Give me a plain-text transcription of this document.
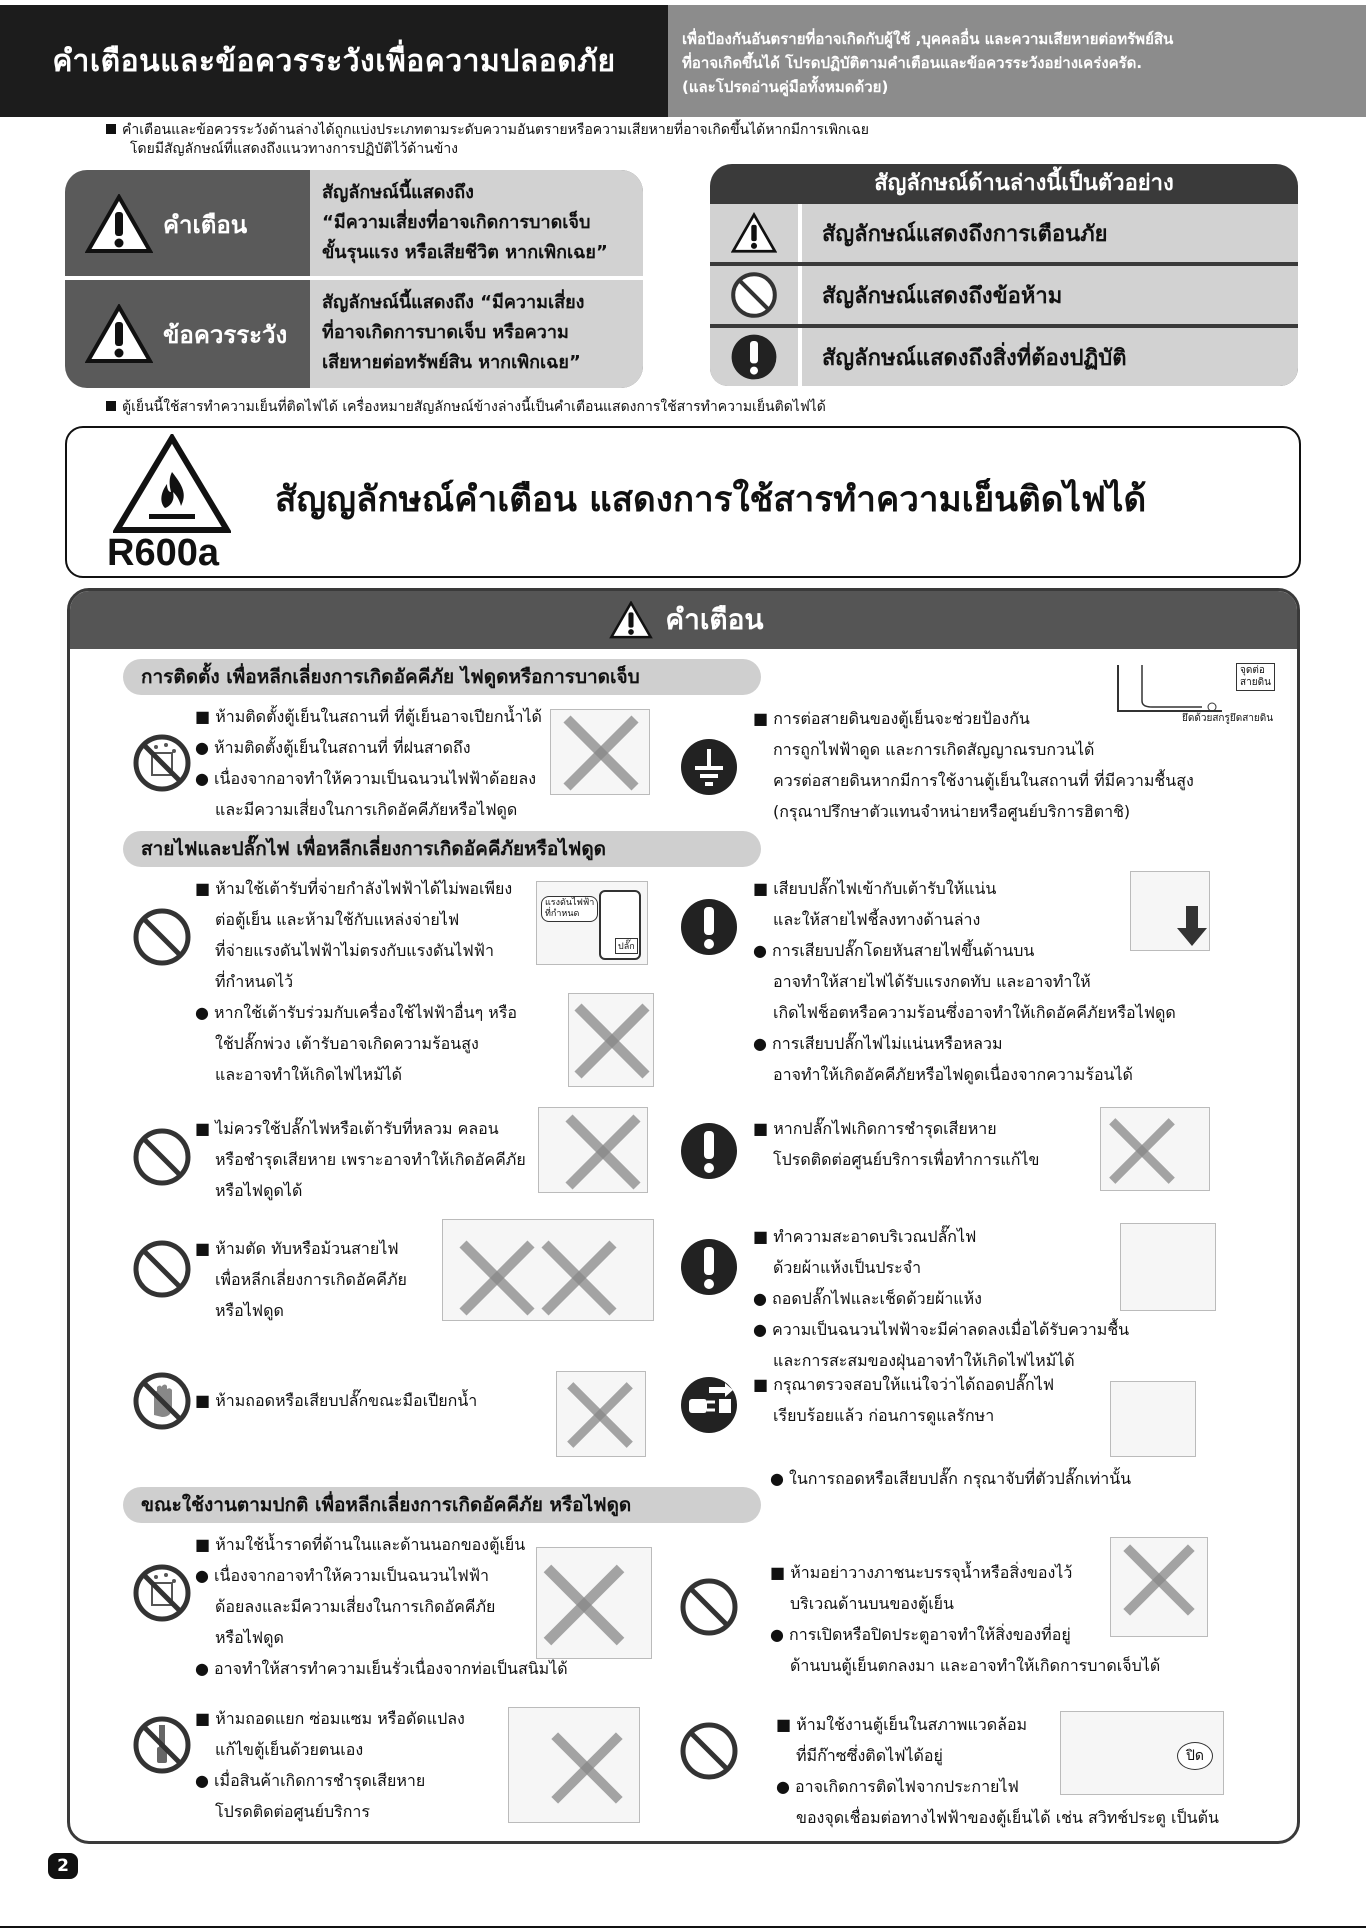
คำเตือนและข้อควรระวังเพื่อความปลอดภัย
เพื่อป้องกันอันตรายที่อาจเกิดกับผู้ใช้ ,บุคคลอื่น และความเสียหายต่อทรัพย์สิน
ที่อาจเกิดขึ้นได้ โปรดปฏิบัติตามคำเตือนและข้อควรระวังอย่างเคร่งครัด.
(และโปรดอ่านคู่มือทั้งหมดด้วย)
คำเตือนและข้อควรระวังด้านล่างได้ถูกแบ่งประเภทตามระดับความอันตรายหรือความเสียหายที่อาจเกิดขึ้นได้หากมีการเพิกเฉย
โดยมีสัญลักษณ์ที่แสดงถึงแนวทางการปฏิบัติไว้ด้านข้าง
คำเตือน
สัญลักษณ์นี้แสดงถึง
“มีความเสี่ยงที่อาจเกิดการบาดเจ็บ
ขั้นรุนแรง หรือเสียชีวิต หากเพิกเฉย”
ข้อควรระวัง
สัญลักษณ์นี้แสดงถึง “มีความเสี่ยง
ที่อาจเกิดการบาดเจ็บ หรือความ
เสียหายต่อทรัพย์สิน หากเพิกเฉย”
สัญลักษณ์ด้านล่างนี้เป็นตัวอย่าง
สัญลักษณ์แสดงถึงการเตือนภัย
สัญลักษณ์แสดงถึงข้อห้าม
สัญลักษณ์แสดงถึงสิ่งที่ต้องปฏิบัติ
ตู้เย็นนี้ใช้สารทำความเย็นที่ติดไฟได้ เครื่องหมายสัญลักษณ์ข้างล่างนี้เป็นคำเตือนแสดงการใช้สารทำความเย็นติดไฟได้
R600a
สัญญลักษณ์คำเตือน แสดงการใช้สารทำความเย็นติดไฟได้
คำเตือน
การติดตั้ง เพื่อหลีกเลี่ยงการเกิดอัคคีภัย ไฟดูดหรือการบาดเจ็บ
■ ห้ามติดตั้งตู้เย็นในสถานที่ ที่ตู้เย็นอาจเปียกน้ำได้
● ห้ามติดตั้งตู้เย็นในสถานที่ ที่ฝนสาดถึง
● เนื่องจากอาจทำให้ความเป็นฉนวนไฟฟ้าด้อยลง
และมีความเสี่ยงในการเกิดอัคคีภัยหรือไฟดูด
■ การต่อสายดินของตู้เย็นจะช่วยป้องกัน
การถูกไฟฟ้าดูด และการเกิดสัญญาณรบกวนได้
ควรต่อสายดินหากมีการใช้งานตู้เย็นในสถานที่ ที่มีความชื้นสูง
(กรุณาปรึกษาตัวแทนจำหน่ายหรือศูนย์บริการฮิตาชิ)
จุดต่อ
สายดิน
ยึดด้วยสกรูยึดสายดิน
สายไฟและปลั๊กไฟ เพื่อหลีกเลี่ยงการเกิดอัคคีภัยหรือไฟดูด
■ ห้ามใช้เต้ารับที่จ่ายกำลังไฟฟ้าได้ไม่พอเพียง
ต่อตู้เย็น และห้ามใช้กับแหล่งจ่ายไฟ
ที่จ่ายแรงดันไฟฟ้าไม่ตรงกับแรงดันไฟฟ้า
ที่กำหนดไว้
แรงดันไฟฟ้า
ที่กำหนด
ปลั๊ก
● หากใช้เต้ารับร่วมกับเครื่องใช้ไฟฟ้าอื่นๆ หรือ
ใช้ปลั๊กพ่วง เต้ารับอาจเกิดความร้อนสูง
และอาจทำให้เกิดไฟไหม้ได้
■ เสียบปลั๊กไฟเข้ากับเต้ารับให้แน่น
และให้สายไฟชี้ลงทางด้านล่าง
● การเสียบปลั๊กโดยหันสายไฟขึ้นด้านบน
อาจทำให้สายไฟได้รับแรงกดทับ และอาจทำให้
เกิดไฟช็อตหรือความร้อนซึ่งอาจทำให้เกิดอัคคีภัยหรือไฟดูด
● การเสียบปลั๊กไฟไม่แน่นหรือหลวม
อาจทำให้เกิดอัคคีภัยหรือไฟดูดเนื่องจากความร้อนได้
■ ไม่ควรใช้ปลั๊กไฟหรือเต้ารับที่หลวม คลอน
หรือชำรุดเสียหาย เพราะอาจทำให้เกิดอัคคีภัย
หรือไฟดูดได้
■ หากปลั๊กไฟเกิดการชำรุดเสียหาย
โปรดติดต่อศูนย์บริการเพื่อทำการแก้ไข
■ ห้ามตัด ทับหรือม้วนสายไฟ
เพื่อหลีกเลี่ยงการเกิดอัคคีภัย
หรือไฟดูด
■ ทำความสะอาดบริเวณปลั๊กไฟ
ด้วยผ้าแห้งเป็นประจำ
● ถอดปลั๊กไฟและเช็ดด้วยผ้าแห้ง
● ความเป็นฉนวนไฟฟ้าจะมีค่าลดลงเมื่อได้รับความชื้น
และการสะสมของฝุ่นอาจทำให้เกิดไฟไหม้ได้
■ ห้ามถอดหรือเสียบปลั๊กขณะมือเปียกน้ำ
■ กรุณาตรวจสอบให้แน่ใจว่าได้ถอดปลั๊กไฟ
เรียบร้อยแล้ว ก่อนการดูแลรักษา
● ในการถอดหรือเสียบปลั๊ก กรุณาจับที่ตัวปลั๊กเท่านั้น
ขณะใช้งานตามปกติ เพื่อหลีกเลี่ยงการเกิดอัคคีภัย หรือไฟดูด
■ ห้ามใช้น้ำราดที่ด้านในและด้านนอกของตู้เย็น
● เนื่องจากอาจทำให้ความเป็นฉนวนไฟฟ้า
ด้อยลงและมีความเสี่ยงในการเกิดอัคคีภัย
หรือไฟดูด
● อาจทำให้สารทำความเย็นรั่วเนื่องจากท่อเป็นสนิมได้
■ ห้ามอย่าวางภาชนะบรรจุน้ำหรือสิ่งของไว้
บริเวณด้านบนของตู้เย็น
● การเปิดหรือปิดประตูอาจทำให้สิ่งของที่อยู่
ด้านบนตู้เย็นตกลงมา และอาจทำให้เกิดการบาดเจ็บได้
■ ห้ามถอดแยก ซ่อมแซม หรือดัดแปลง
แก้ไขตู้เย็นด้วยตนเอง
● เมื่อสินค้าเกิดการชำรุดเสียหาย
โปรดติดต่อศูนย์บริการ
■ ห้ามใช้งานตู้เย็นในสภาพแวดล้อม
ที่มีก๊าซซึ่งติดไฟได้อยู่
● อาจเกิดการติดไฟจากประกายไฟ
ของจุดเชื่อมต่อทางไฟฟ้าของตู้เย็นได้ เช่น สวิทช์ประตู เป็นต้น
ปิด
2
